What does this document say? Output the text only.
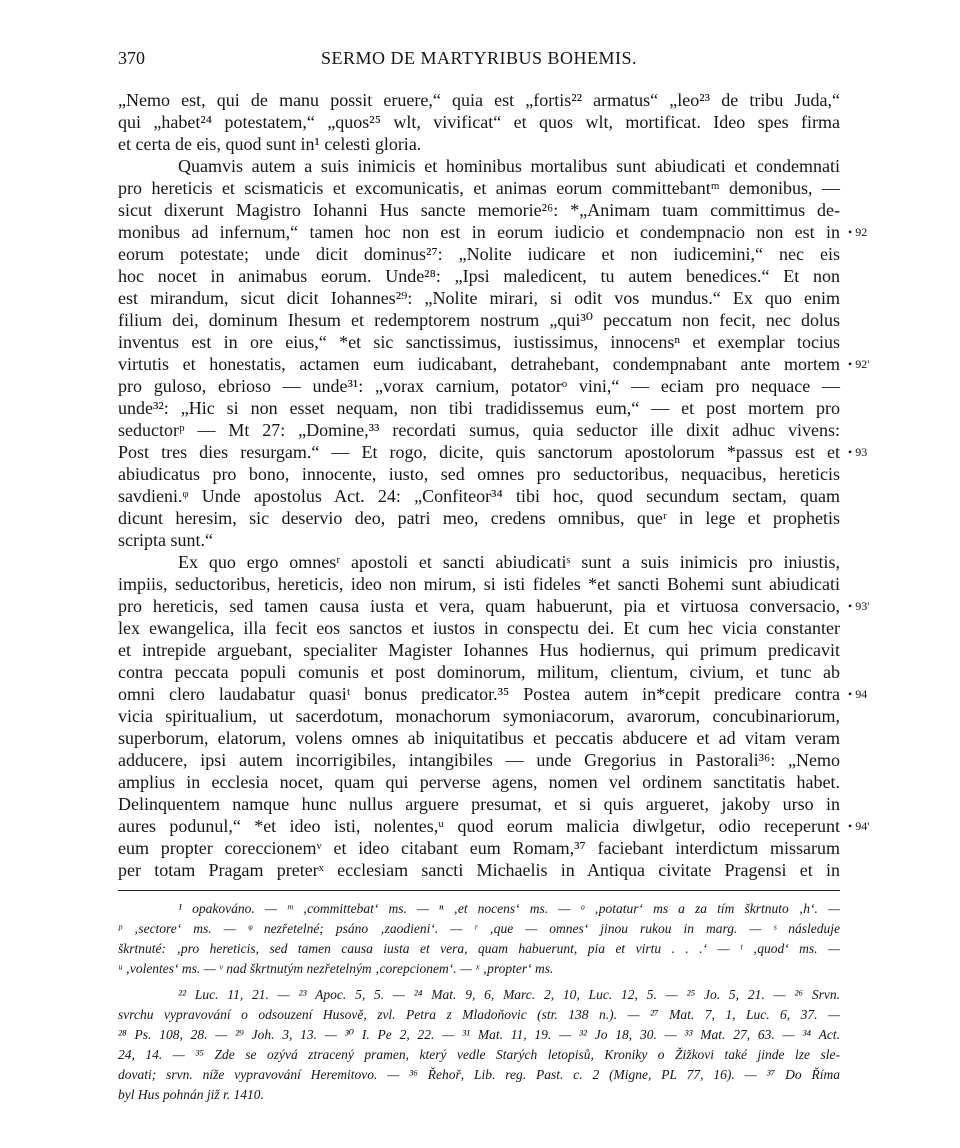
370	SERMO DE MARTYRIBUS BOHEMIS.
„Nemo est, qui de manu possit eruere,“ quia est „fortis²² armatus“ „leo²³ de tribu Juda,“
qui „habet²⁴ potestatem,“ „quos²⁵ wlt, vivificat“ et quos wlt, mortificat. Ideo spes firma
et certa de eis, quod sunt in¹ celesti gloria.
Quamvis autem a suis inimicis et hominibus mortalibus sunt abiudicati et condemnati
pro hereticis et scismaticis et excomunicatis, et animas eorum committebantᵐ demonibus, —
sicut dixerunt Magistro Iohanni Hus sancte memorie²⁶: *„Animam tuam committimus de-
monibus ad infernum,“ tamen hoc non est in eorum iudicio et condempnacio non est in
eorum potestate; unde dicit dominus²⁷: „Nolite iudicare et non iudicemini,“ nec eis
hoc nocet in animabus eorum. Unde²⁸: „Ipsi maledicent, tu autem benedices.“ Et non
est mirandum, sicut dicit Iohannes²⁹: „Nolite mirari, si odit vos mundus.“ Ex quo enim
filium dei, dominum Ihesum et redemptorem nostrum „qui³⁰ peccatum non fecit, nec dolus
inventus est in ore eius,“ *et sic sanctissimus, iustissimus, innocensⁿ et exemplar tocius
virtutis et honestatis, actamen eum iudicabant, detrahebant, condempnabant ante mortem
pro guloso, ebrioso — unde³¹: „vorax carnium, potatorᵒ vini,“ — eciam pro nequace —
unde³²: „Hic si non esset nequam, non tibi tradidissemus eum,“ — et post mortem pro
seductorᵖ — Mt 27: „Domine,³³ recordati sumus, quia seductor ille dixit adhuc vivens:
Post tres dies resurgam.“ — Et rogo, dicite, quis sanctorum apostolorum *passus est et
abiudicatus pro bono, innocente, iusto, sed omnes pro seductoribus, nequacibus, hereticis
savdieni.ᵠ Unde apostolus Act. 24: „Confiteor³⁴ tibi hoc, quod secundum sectam, quam
dicunt heresim, sic deservio deo, patri meo, credens omnibus, queʳ in lege et prophetis
scripta sunt.“
Ex quo ergo omnesʳ apostoli et sancti abiudicatiˢ sunt a suis inimicis pro iniustis,
impiis, seductoribus, hereticis, ideo non mirum, si isti fideles *et sancti Bohemi sunt abiudicati
pro hereticis, sed tamen causa iusta et vera, quam habuerunt, pia et virtuosa conversacio,
lex ewangelica, illa fecit eos sanctos et iustos in conspectu dei. Et cum hec vicia constanter
et intrepide arguebant, specialiter Magister Iohannes Hus hodiernus, qui primum predicavit
contra peccata populi comunis et post dominorum, militum, clientum, civium, et tunc ab
omni clero laudabatur quasiᵗ bonus predicator.³⁵ Postea autem in*cepit predicare contra
vicia spiritualium, ut sacerdotum, monachorum symoniacorum, avarorum, concubinariorum,
superborum, elatorum, volens omnes ab iniquitatibus et peccatis abducere et ad vitam veram
adducere, ipsi autem incorrigibiles, intangibiles — unde Gregorius in Pastorali³⁶: „Nemo
amplius in ecclesia nocet, quam qui perverse agens, nomen vel ordinem sanctitatis habet.
Delinquentem namque hunc nullus arguere presumat, et si quis argueret, jakoby urso in
aures podunul,“ *et ideo isti, nolentes,ᵘ quod eorum malicia diwlgetur, odio receperunt
eum propter coreccionemᵛ et ideo citabant eum Romam,³⁷ faciebant interdictum missarum
per totam Pragam preterˣ ecclesiam sancti Michaelis in Antiqua civitate Pragensi et in
• 92
• 92'
• 93
• 93'
• 94
• 94'
¹ opakováno. — ᵐ ‚committebat‘ ms. — ⁿ ‚et nocens‘ ms. — ᵒ ‚potatur‘ ms a za tím škrtnuto ‚h‘. —
ᵖ ‚sectore‘ ms. — ᵠ nezřetelné; psáno ‚zaodieni‘. — ʳ ‚que — omnes‘ jinou rukou in marg. — ˢ následuje
škrtnuté: ‚pro hereticis, sed tamen causa iusta et vera, quam habuerunt, pia et virtu . . .‘ — ᵗ ‚quod‘ ms. —
ᵘ ‚volentes‘ ms. — ᵛ nad škrtnutým nezřetelným ‚corepcionem‘. — ˣ ‚propter‘ ms.
²² Luc. 11, 21. — ²³ Apoc. 5, 5. — ²⁴ Mat. 9, 6, Marc. 2, 10, Luc. 12, 5. — ²⁵ Jo. 5, 21. — ²⁶ Srvn.
svrchu vypravování o odsouzení Husově, zvl. Petra z Mladoňovic (str. 138 n.). — ²⁷ Mat. 7, 1, Luc. 6, 37. —
²⁸ Ps. 108, 28. — ²⁹ Joh. 3, 13. — ³⁰ I. Pe 2, 22. — ³¹ Mat. 11, 19. — ³² Jo 18, 30. — ³³ Mat. 27, 63. — ³⁴ Act.
24, 14. — ³⁵ Zde se ozývá ztracený pramen, který vedle Starých letopisů, Kroniky o Žižkovi také jinde lze sle-
dovati; srvn. níže vypravování Heremitovo. — ³⁶ Řehoř, Lib. reg. Past. c. 2 (Migne, PL 77, 16). — ³⁷ Do Říma
byl Hus pohnán již r. 1410.
